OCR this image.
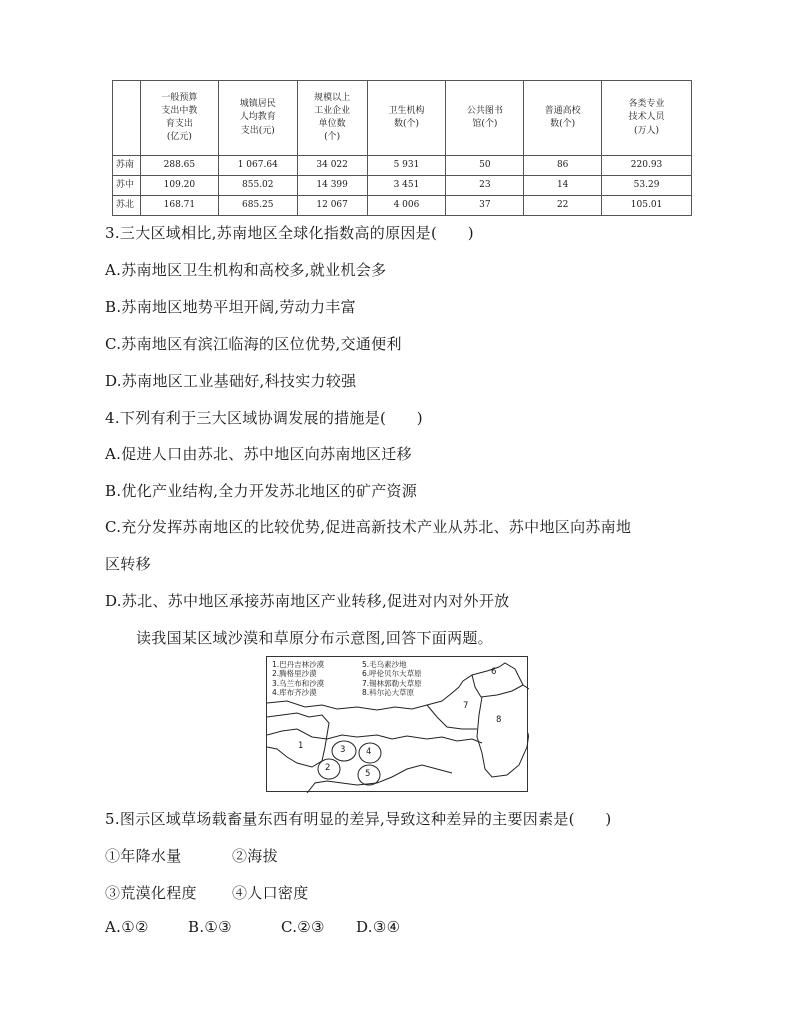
	一般预算
支出中教
育支出
(亿元)	城镇居民
人均教育
支出(元)	规模以上
工业企业
单位数
(个)	卫生机构
数(个)	公共图书
馆(个)	普通高校
数(个)	各类专业
技术人员
(万人)
苏南	288.65	1 067.64	34 022	5 931	50	86	220.93
苏中	109.20	855.02	14 399	3 451	23	14	53.29
苏北	168.71	685.25	12 067	4 006	37	22	105.01
3.三大区域相比,苏南地区全球化指数高的原因是(　　)
A.苏南地区卫生机构和高校多,就业机会多
B.苏南地区地势平坦开阔,劳动力丰富
C.苏南地区有滨江临海的区位优势,交通便利
D.苏南地区工业基础好,科技实力较强
4.下列有利于三大区域协调发展的措施是(　　)
A.促进人口由苏北、苏中地区向苏南地区迁移
B.优化产业结构,全力开发苏北地区的矿产资源
C.充分发挥苏南地区的比较优势,促进高新技术产业从苏北、苏中地区向苏南地
区转移
D.苏北、苏中地区承接苏南地区产业转移,促进对内对外开放
读我国某区域沙漠和草原分布示意图,回答下面两题。
1.巴丹吉林沙漠	5.毛乌素沙地
2.腾格里沙漠	6.呼伦贝尔大草原
3.乌兰布和沙漠	7.锡林郭勒大草原
4.库布齐沙漠	8.科尔沁大草原
1
2
3 4
5
6
7
8
5.图示区域草场载畜量东西有明显的差异,导致这种差异的主要因素是(　　)
①年降水量	②海拔
③荒漠化程度 ④人口密度
A.①②	B.①③	C.②③ D.③④
